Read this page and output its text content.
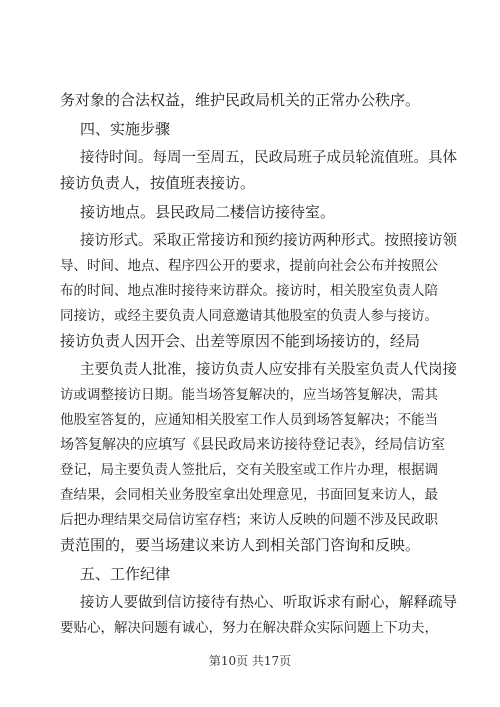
务对象的合法权益，维护民政局机关的正常办公秩序。
四、实施步骤
接待时间。每周一至周五，民政局班子成员轮流值班。具体
接访负责人，按值班表接访。
接访地点。县民政局二楼信访接待室。
接访形式。采取正常接访和预约接访两种形式。按照接访领
导、时间、地点、程序四公开的要求，提前向社会公布并按照公
布的时间、地点准时接待来访群众。接访时，相关股室负责人陪
同接访，或经主要负责人同意邀请其他股室的负责人参与接访。
接访负责人因开会、出差等原因不能到场接访的，经局
主要负责人批准，接访负责人应安排有关股室负责人代岗接
访或调整接访日期。能当场答复解决的，应当场答复解决，需其
他股室答复的，应通知相关股室工作人员到场答复解决；不能当
场答复解决的应填写《县民政局来访接待登记表》，经局信访室
登记，局主要负责人签批后，交有关股室或工作片办理，根据调
查结果，会同相关业务股室拿出处理意见，书面回复来访人，最
后把办理结果交局信访室存档；来访人反映的问题不涉及民政职
责范围的，要当场建议来访人到相关部门咨询和反映。
五、工作纪律
接访人要做到信访接待有热心、听取诉求有耐心，解释疏导
要贴心，解决问题有诚心，努力在解决群众实际问题上下功夫，
第10页 共17页
